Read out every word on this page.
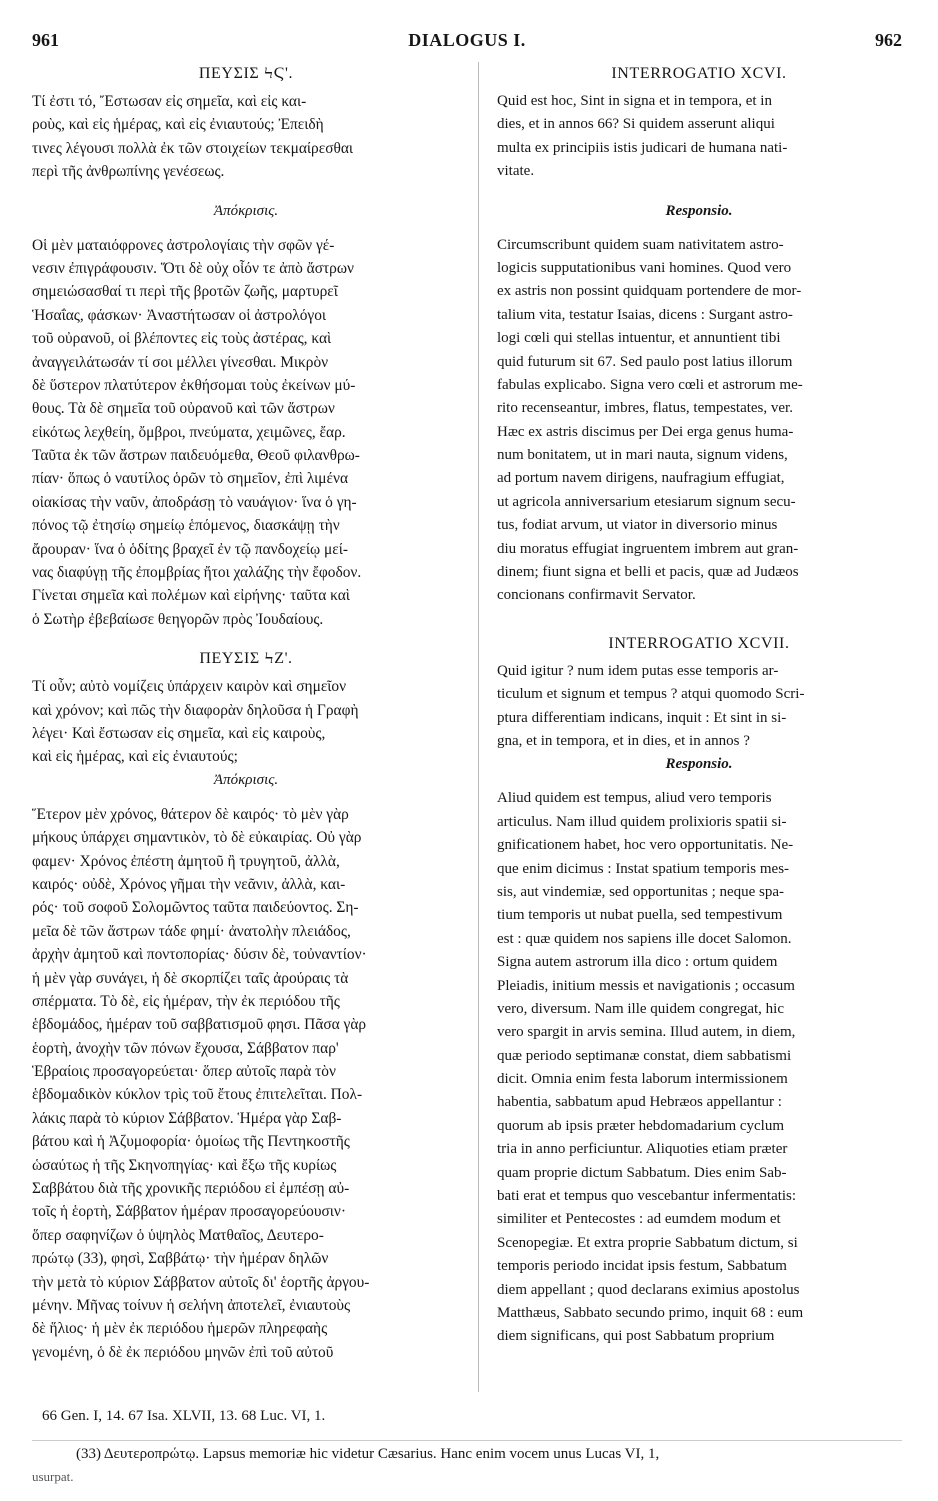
961	DIALOGUS I.	962
ΠΕΥΣΙΣ ϞϚ'.
Τί ἐστι τό, Ἔστωσαν εἰς σημεῖα, καὶ εἰς και-
ροὺς, καὶ εἰς ἡμέρας, καὶ εἰς ἐνιαυτούς; Ἐπειδὴ
τινες λέγουσι πολλὰ ἐκ τῶν στοιχείων τεκμαίρεσθαι
περὶ τῆς ἀνθρωπίνης γενέσεως.
Ἀπόκρισις.
Οἱ μὲν ματαιόφρονες ἀστρολογίαις τὴν σφῶν γέ-
νεσιν ἐπιγράφουσιν. Ὅτι δὲ οὐχ οἷόν τε ἀπὸ ἄστρων
σημειώσασθαί τι περὶ τῆς βροτῶν ζωῆς, μαρτυρεῖ
Ἡσαΐας, φάσκων· Ἀναστήτωσαν οἱ ἀστρολόγοι
τοῦ οὐρανοῦ, οἱ βλέποντες εἰς τοὺς ἀστέρας, καὶ
ἀναγγειλάτωσάν τί σοι μέλλει γίνεσθαι. Μικρὸν
δὲ ὕστερον πλατύτερον ἐκθήσομαι τοὺς ἐκείνων μύ-
θους. Τὰ δὲ σημεῖα τοῦ οὐρανοῦ καὶ τῶν ἄστρων
εἰκότως λεχθείη, ὄμβροι, πνεύματα, χειμῶνες, ἔαρ.
Ταῦτα ἐκ τῶν ἄστρων παιδευόμεθα, Θεοῦ φιλανθρω-
πίαν· ὅπως ὁ ναυτίλος ὁρῶν τὸ σημεῖον, ἐπὶ λιμένα
οἰακίσας τὴν ναῦν, ἀποδράσῃ τὸ ναυάγιον· ἵνα ὁ γη-
πόνος τῷ ἐτησίῳ σημείῳ ἑπόμενος, διασκάψῃ τὴν
ἄρουραν· ἵνα ὁ ὁδίτης βραχεῖ ἐν τῷ πανδοχείῳ μεί-
νας διαφύγῃ τῆς ἐπομβρίας ἤτοι χαλάζης τὴν ἔφοδον.
Γίνεται σημεῖα καὶ πολέμων καὶ εἰρήνης· ταῦτα καὶ
ὁ Σωτὴρ ἐβεβαίωσε θεηγορῶν πρὸς Ἰουδαίους.
ΠΕΥΣΙΣ ϞΖ'.
Τί οὖν; αὐτὸ νομίζεις ὑπάρχειν καιρὸν καὶ σημεῖον
καὶ χρόνον; καὶ πῶς τὴν διαφορὰν δηλοῦσα ἡ Γραφὴ
λέγει· Καὶ ἔστωσαν εἰς σημεῖα, καὶ εἰς καιροὺς,
καὶ εἰς ἡμέρας, καὶ εἰς ἐνιαυτούς;
Ἀπόκρισις.
Ἕτερον μὲν χρόνος, θάτερον δὲ καιρός· τὸ μὲν γὰρ
μήκους ὑπάρχει σημαντικὸν, τὸ δὲ εὐκαιρίας. Οὐ γὰρ
φαμεν· Χρόνος ἐπέστη ἀμητοῦ ἢ τρυγητοῦ, ἀλλὰ,
καιρός· οὐδὲ, Χρόνος γῆμαι τὴν νεᾶνιν, ἀλλὰ, και-
ρός· τοῦ σοφοῦ Σολομῶντος ταῦτα παιδεύοντος. Ση-
μεῖα δὲ τῶν ἄστρων τάδε φημί· ἀνατολὴν πλειάδος,
ἀρχὴν ἀμητοῦ καὶ ποντοπορίας· δύσιν δὲ, τοὐναντίον·
ἡ μὲν γὰρ συνάγει, ἡ δὲ σκορπίζει ταῖς ἀρούραις τὰ
σπέρματα. Τὸ δὲ, εἰς ἡμέραν, τὴν ἐκ περιόδου τῆς
ἑβδομάδος, ἡμέραν τοῦ σαββατισμοῦ φησι. Πᾶσα γὰρ
ἑορτὴ, ἀνοχὴν τῶν πόνων ἔχουσα, Σάββατον παρ'
Ἑβραίοις προσαγορεύεται· ὅπερ αὐτοῖς παρὰ τὸν
ἑβδομαδικὸν κύκλον τρὶς τοῦ ἔτους ἐπιτελεῖται. Πολ-
λάκις παρὰ τὸ κύριον Σάββατον. Ἡμέρα γὰρ Σαβ-
βάτου καὶ ἡ Ἀζυμοφορία· ὁμοίως τῆς Πεντηκοστῆς
ὡσαύτως ἡ τῆς Σκηνοπηγίας· καὶ ἔξω τῆς κυρίως
Σαββάτου διὰ τῆς χρονικῆς περιόδου εἰ ἐμπέσῃ αὐ-
τοῖς ἡ ἑορτὴ, Σάββατον ἡμέραν προσαγορεύουσιν·
ὅπερ σαφηνίζων ὁ ὑψηλὸς Ματθαῖος, Δευτερο-
πρώτῳ (33), φησὶ, Σαββάτῳ· τὴν ἡμέραν δηλῶν
τὴν μετὰ τὸ κύριον Σάββατον αὐτοῖς δι' ἑορτῆς ἀργου-
μένην. Μῆνας τοίνυν ἡ σελήνη ἀποτελεῖ, ἐνιαυτοὺς
δὲ ἥλιος· ἡ μὲν ἐκ περιόδου ἡμερῶν πληρεφαὴς
γενομένη, ὁ δὲ ἐκ περιόδου μηνῶν ἐπὶ τοῦ αὐτοῦ
INTERROGATIO XCVI.
Quid est hoc, Sint in signa et in tempora, et in
dies, et in annos 66? Si quidem asserunt aliqui
multa ex principiis istis judicari de humana nati-
vitate.
Responsio.
Circumscribunt quidem suam nativitatem astro-
logicis supputationibus vani homines. Quod vero
ex astris non possint quidquam portendere de mor-
talium vita, testatur Isaias, dicens : Surgant astro-
logi cœli qui stellas intuentur, et annuntient tibi
quid futurum sit 67. Sed paulo post latius illorum
fabulas explicabo. Signa vero cœli et astrorum me-
rito recenseantur, imbres, flatus, tempestates, ver.
Hæc ex astris discimus per Dei erga genus huma-
num bonitatem, ut in mari nauta, signum videns,
ad portum navem dirigens, naufragium effugiat,
ut agricola anniversarium etesiarum signum secu-
tus, fodiat arvum, ut viator in diversorio minus
diu moratus effugiat ingruentem imbrem aut gran-
dinem; fiunt signa et belli et pacis, quæ ad Judæos
concionans confirmavit Servator.
INTERROGATIO XCVII.
Quid igitur ? num idem putas esse temporis ar-
ticulum et signum et tempus ? atqui quomodo Scri-
ptura differentiam indicans, inquit : Et sint in si-
gna, et in tempora, et in dies, et in annos ?
Responsio.
Aliud quidem est tempus, aliud vero temporis
articulus. Nam illud quidem prolixioris spatii si-
gnificationem habet, hoc vero opportunitatis. Ne-
que enim dicimus : Instat spatium temporis mes-
sis, aut vindemiæ, sed opportunitas ; neque spa-
tium temporis ut nubat puella, sed tempestivum
est : quæ quidem nos sapiens ille docet Salomon.
Signa autem astrorum illa dico : ortum quidem
Pleiadis, initium messis et navigationis ; occasum
vero, diversum. Nam ille quidem congregat, hic
vero spargit in arvis semina. Illud autem, in diem,
quæ periodo septimanæ constat, diem sabbatismi
dicit. Omnia enim festa laborum intermissionem
habentia, sabbatum apud Hebræos appellantur :
quorum ab ipsis præter hebdomadarium cyclum
tria in anno perficiuntur. Aliquoties etiam præter
quam proprie dictum Sabbatum. Dies enim Sab-
bati erat et tempus quo vescebantur infermentatis:
similiter et Pentecostes : ad eumdem modum et
Scenopegiæ. Et extra proprie Sabbatum dictum, si
temporis periodo incidat ipsis festum, Sabbatum
diem appellant ; quod declarans eximius apostolus
Matthæus, Sabbato secundo primo, inquit 68 : eum
diem significans, qui post Sabbatum proprium
66 Gen. I, 14. 67 Isa. XLVII, 13. 68 Luc. VI, 1.
(33) Δευτεροπρώτῳ. Lapsus memoriæ hic videtur Cæsarius. Hanc enim vocem unus Lucas VI, 1,
usurpat.
